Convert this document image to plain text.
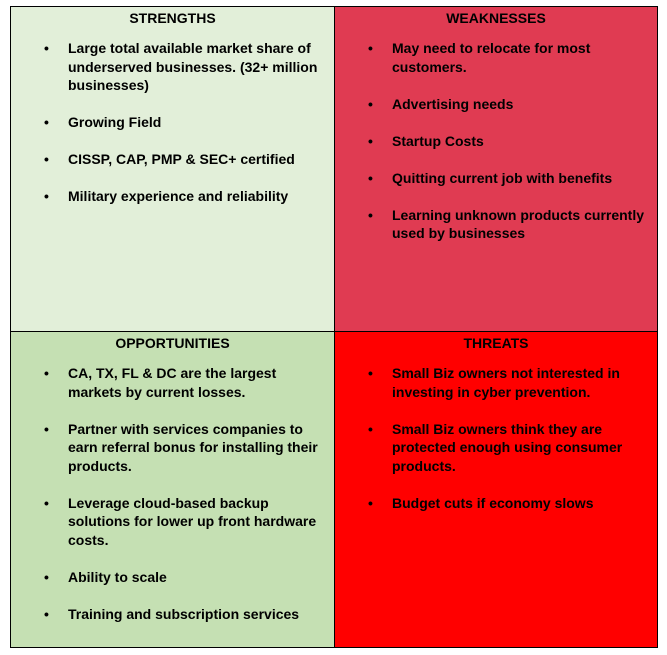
STRENGTHS
• Large total available market share of underserved businesses. (32+ million businesses)
• Growing Field
• CISSP, CAP, PMP & SEC+ certified
• Military experience and reliability
WEAKNESSES
• May need to relocate for most customers.
• Advertising needs
• Startup Costs
• Quitting current job with benefits
• Learning unknown products currently used by businesses
OPPORTUNITIES
• CA, TX, FL & DC are the largest markets by current losses.
• Partner with services companies to earn referral bonus for installing their products.
• Leverage cloud-based backup solutions for lower up front hardware costs.
• Ability to scale
• Training and subscription services
THREATS
• Small Biz owners not interested in investing in cyber prevention.
• Small Biz owners think they are protected enough using consumer products.
• Budget cuts if economy slows
